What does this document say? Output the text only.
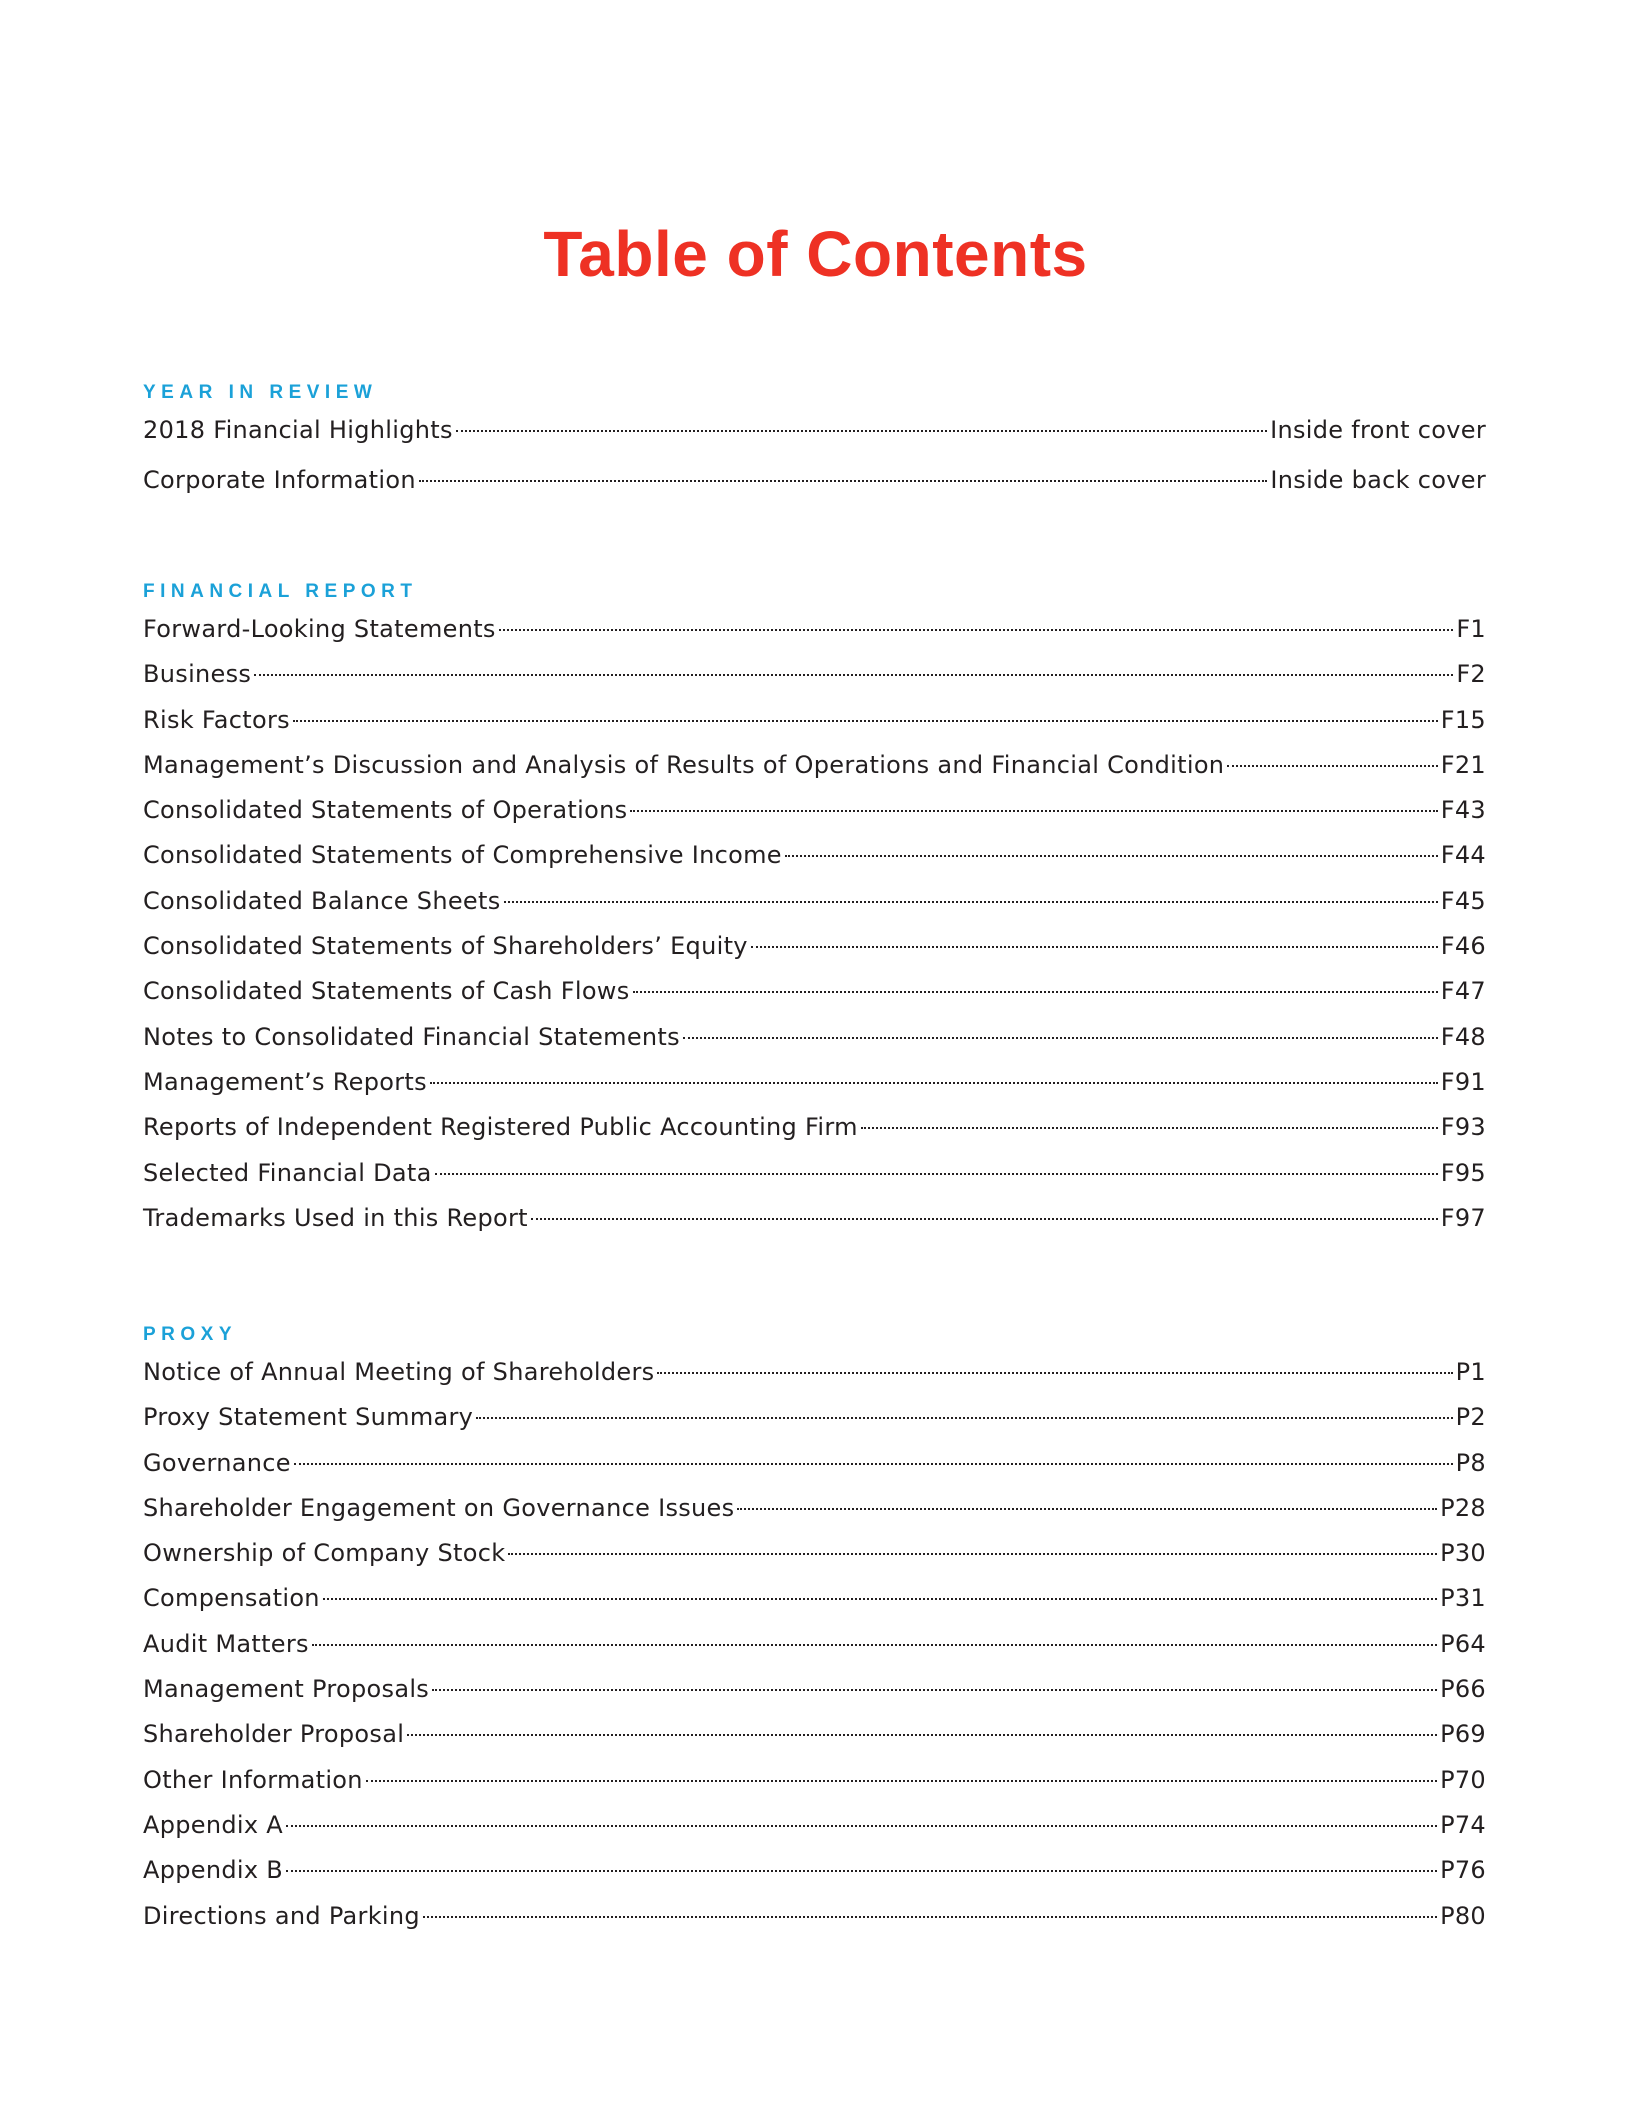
Table of Contents
YEAR IN REVIEW
2018 Financial Highlights	Inside front cover
Corporate Information	Inside back cover
FINANCIAL REPORT
Forward-Looking Statements	F1
Business	F2
Risk Factors	F15
Management’s Discussion and Analysis of Results of Operations and Financial Condition	F21
Consolidated Statements of Operations	F43
Consolidated Statements of Comprehensive Income	F44
Consolidated Balance Sheets	F45
Consolidated Statements of Shareholders’ Equity	F46
Consolidated Statements of Cash Flows	F47
Notes to Consolidated Financial Statements	F48
Management’s Reports	F91
Reports of Independent Registered Public Accounting Firm	F93
Selected Financial Data	F95
Trademarks Used in this Report	F97
PROXY
Notice of Annual Meeting of Shareholders	P1
Proxy Statement Summary	P2
Governance	P8
Shareholder Engagement on Governance Issues	P28
Ownership of Company Stock	P30
Compensation	P31
Audit Matters	P64
Management Proposals	P66
Shareholder Proposal	P69
Other Information	P70
Appendix A	P74
Appendix B	P76
Directions and Parking	P80
